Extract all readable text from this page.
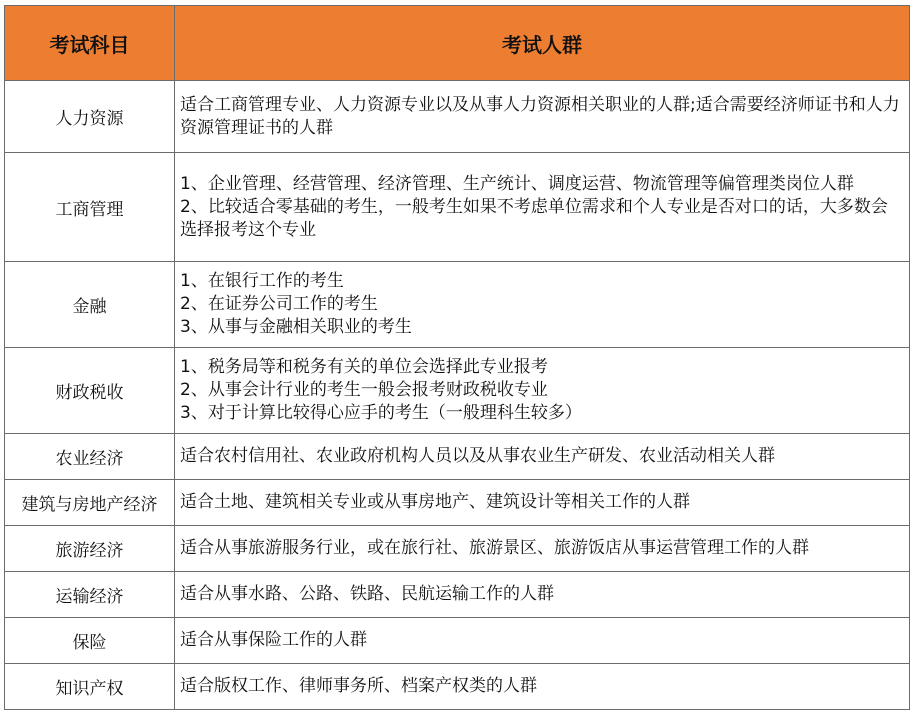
考试科目	考试人群
人力资源	适合工商管理专业、人力资源专业以及从事人力资源相关职业的人群;适合需要经济师证书和人力资源管理证书的人群

工商管理	1、企业管理、经营管理、经济管理、生产统计、调度运营、物流管理等偏管理类岗位人群
2、比较适合零基础的考生，一般考生如果不考虑单位需求和个人专业是否对口的话，大多数会选择报考这个专业

金融	1、在银行工作的考生
2、在证券公司工作的考生
3、从事与金融相关职业的考生

财政税收	1、税务局等和税务有关的单位会选择此专业报考
2、从事会计行业的考生一般会报考财政税收专业
3、对于计算比较得心应手的考生（一般理科生较多）

农业经济	适合农村信用社、农业政府机构人员以及从事农业生产研发、农业活动相关人群

建筑与房地产经济	适合土地、建筑相关专业或从事房地产、建筑设计等相关工作的人群

旅游经济	适合从事旅游服务行业，或在旅行社、旅游景区、旅游饭店从事运营管理工作的人群

运输经济	适合从事水路、公路、铁路、民航运输工作的人群

保险	适合从事保险工作的人群

知识产权	适合版权工作、律师事务所、档案产权类的人群
